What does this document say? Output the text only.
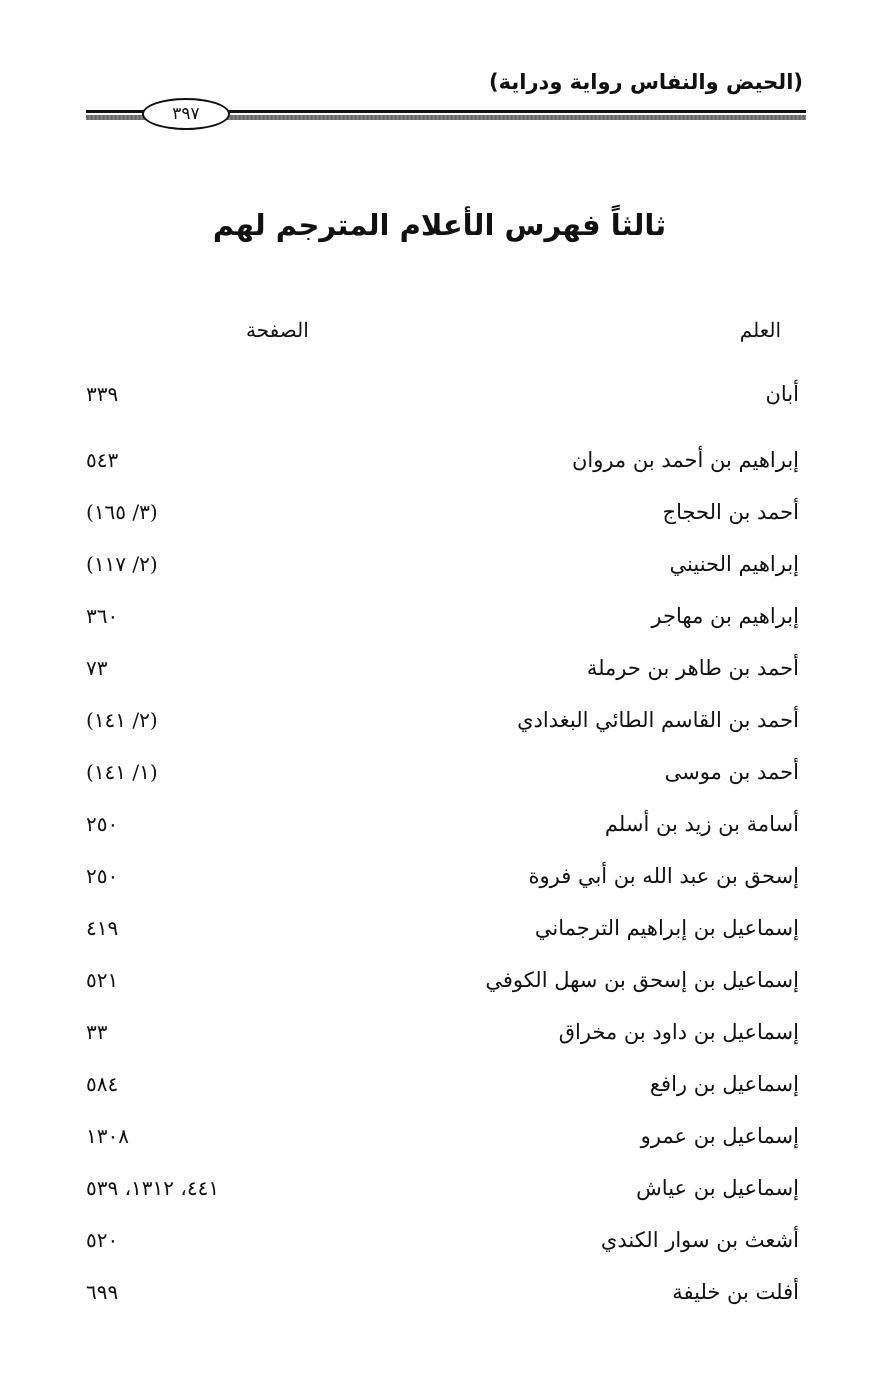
(الحيض والنفاس رواية ودراية)
٣٩٧
ثالثاً فهرس الأعلام المترجم لهم
العلم
الصفحة
أبان
٣٣٩
إبراهيم بن أحمد بن مروان
٥٤٣
أحمد بن الحجاج
(٣/ ١٦٥)
إبراهيم الحنيني
(٢/ ١١٧)
إبراهيم بن مهاجر
٣٦٠
أحمد بن طاهر بن حرملة
٧٣
أحمد بن القاسم الطائي البغدادي
(٢/ ١٤١)
أحمد بن موسى
(١/ ١٤١)
أسامة بن زيد بن أسلم
٢٥٠
إسحق بن عبد الله بن أبي فروة
٢٥٠
إسماعيل بن إبراهيم الترجماني
٤١٩
إسماعيل بن إسحق بن سهل الكوفي
٥٢١
إسماعيل بن داود بن مخراق
٣٣
إسماعيل بن رافع
٥٨٤
إسماعيل بن عمرو
١٣٠٨
إسماعيل بن عياش
٤٤١، ١٣١٢، ٥٣٩
أشعث بن سوار الكندي
٥٢٠
أفلت بن خليفة
٦٩٩
